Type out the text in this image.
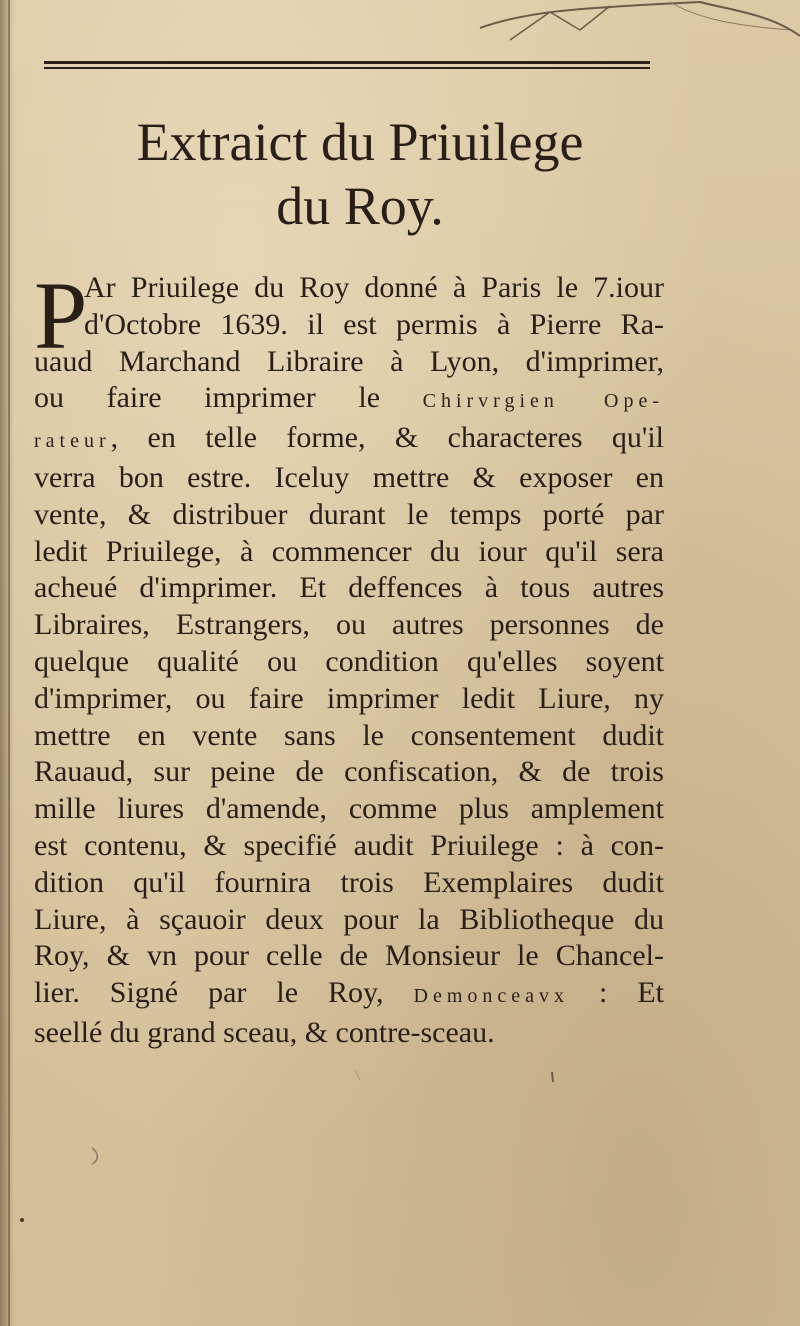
Extraict du Priuilege
du Roy.
P
Ar Priuilege du Roy donné à Paris le 7.iour
d'Octobre 1639. il est permis à Pierre Ra-
uaud Marchand Libraire à Lyon, d'imprimer,
ou faire imprimer le Chirvrgien Ope-
rateur, en telle forme, & characteres qu'il
verra bon estre. Iceluy mettre & exposer en
vente, & distribuer durant le temps porté par
ledit Priuilege, à commencer du iour qu'il sera
acheué d'imprimer. Et deffences à tous autres
Libraires, Estrangers, ou autres personnes de
quelque qualité ou condition qu'elles soyent
d'imprimer, ou faire imprimer ledit Liure, ny
mettre en vente sans le consentement dudit
Rauaud, sur peine de confiscation, & de trois
mille liures d'amende, comme plus amplement
est contenu, & specifié audit Priuilege : à con-
dition qu'il fournira trois Exemplaires dudit
Liure, à sçauoir deux pour la Bibliotheque du
Roy, & vn pour celle de Monsieur le Chancel-
lier. Signé par le Roy, Demonceavx : Et
seellé du grand sceau, & contre-sceau.
